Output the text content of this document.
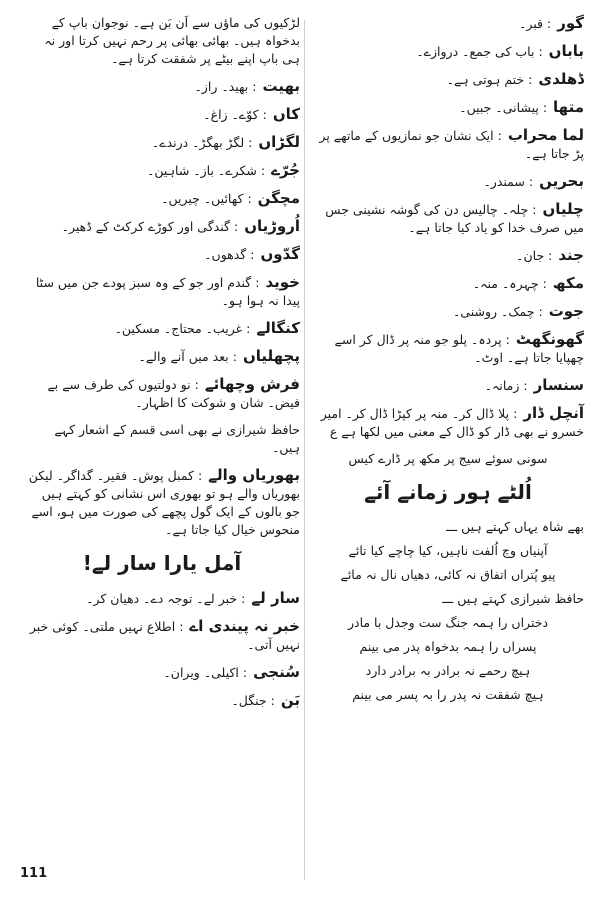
گور:قبر۔
باباں:باب کی جمع۔ دروازے۔
ڈھلدی:ختم ہوتی ہے۔
متھا:پیشانی۔ جبیں۔
لما محراب:ایک نشان جو نمازیوں کے ماتھے پر پڑ جاتا ہے۔
بحریں:سمندر۔
چلیاں:چلہ۔ چالیس دن کی گوشہ نشینی جس میں صرف خدا کو یاد کیا جاتا ہے۔
جند:جان۔
مکھ:چہرہ۔ منہ۔
جوت:چمک۔ روشنی۔
گھونگھٹ:پردہ۔ پلو جو منہ پر ڈال کر اسے چھپایا جاتا ہے۔ اوٹ۔
سنسار:زمانہ۔
آنچل ڈار:پلا ڈال کر۔ منہ پر کپڑا ڈال کر۔ امیر خسرو نے بھی ڈار کو ڈال کے معنی میں لکھا ہے ع
سونی سوئے سیج پر مکھ پر ڈارے کیس
اُلٹے ہور زمانے آئے
بھے شاہ یہاں کہتے ہیں ـــ
آپنیاں وچ اُلفت ناہیں، کیا چاچے کیا تائے
پیو پُتراں اتفاق نہ کائی، دھیاں نال نہ مائے
حافظ شیرازی کہتے ہیں ـــ
دختراں را ہمہ جنگ ست وجدل با مادر
پسراں را ہمہ بدخواہ پدر می بینم
ہیچ رحمے نہ برادر بہ برادر دارد
ہیچ شفقت نہ پدر را بہ پسر می بینم
لڑکیوں کی ماؤں سے اَن بَن ہے۔ نوجوان باپ کے بدخواہ ہیں۔ بھائی بھائی پر رحم نہیں کرتا اور نہ ہی باپ اپنے بیٹے پر شفقت کرتا ہے۔
بھیت:بھید۔ راز۔
کاں:کوّے۔ زاغ۔
لگڑاں:لگڑ بھگڑ۔ درندے۔
جُرّے:شکرے۔ باز۔ شاہین۔
مچگن:کھائیں۔ چیریں۔
اُروڑیاں:گندگی اور کوڑے کرکٹ کے ڈھیر۔
گدّوں:گدھوں۔
خوید:گندم اور جو کے وہ سبز پودے جن میں سٹا پیدا نہ ہوا ہو۔
کنگالے:غریب۔ محتاج۔ مسکین۔
پچھلیاں:بعد میں آنے والے۔
فرش وچھائے:نو دولتیوں کی طرف سے بے فیض۔ شان و شوکت کا اظہار۔
حافظ شیرازی نے بھی اسی قسم کے اشعار کہے ہیں۔
بھوریاں والے:کمبل پوش۔ فقیر۔ گداگر۔ لیکن بھوریاں والے ہو تو بھوری اس نشانی کو کہتے ہیں جو بالوں کے ایک گول پچھے کی صورت میں ہو، اسے منحوس خیال کیا جاتا ہے۔
آمل یارا سار لے!
سار لے:خبر لے۔ توجہ دے۔ دھیان کر۔
خبر نہ پیندی اے:اطلاع نہیں ملتی۔ کوئی خبر نہیں آتی۔
سُنجی:اکیلی۔ ویران۔
بَن:جنگل۔
111
